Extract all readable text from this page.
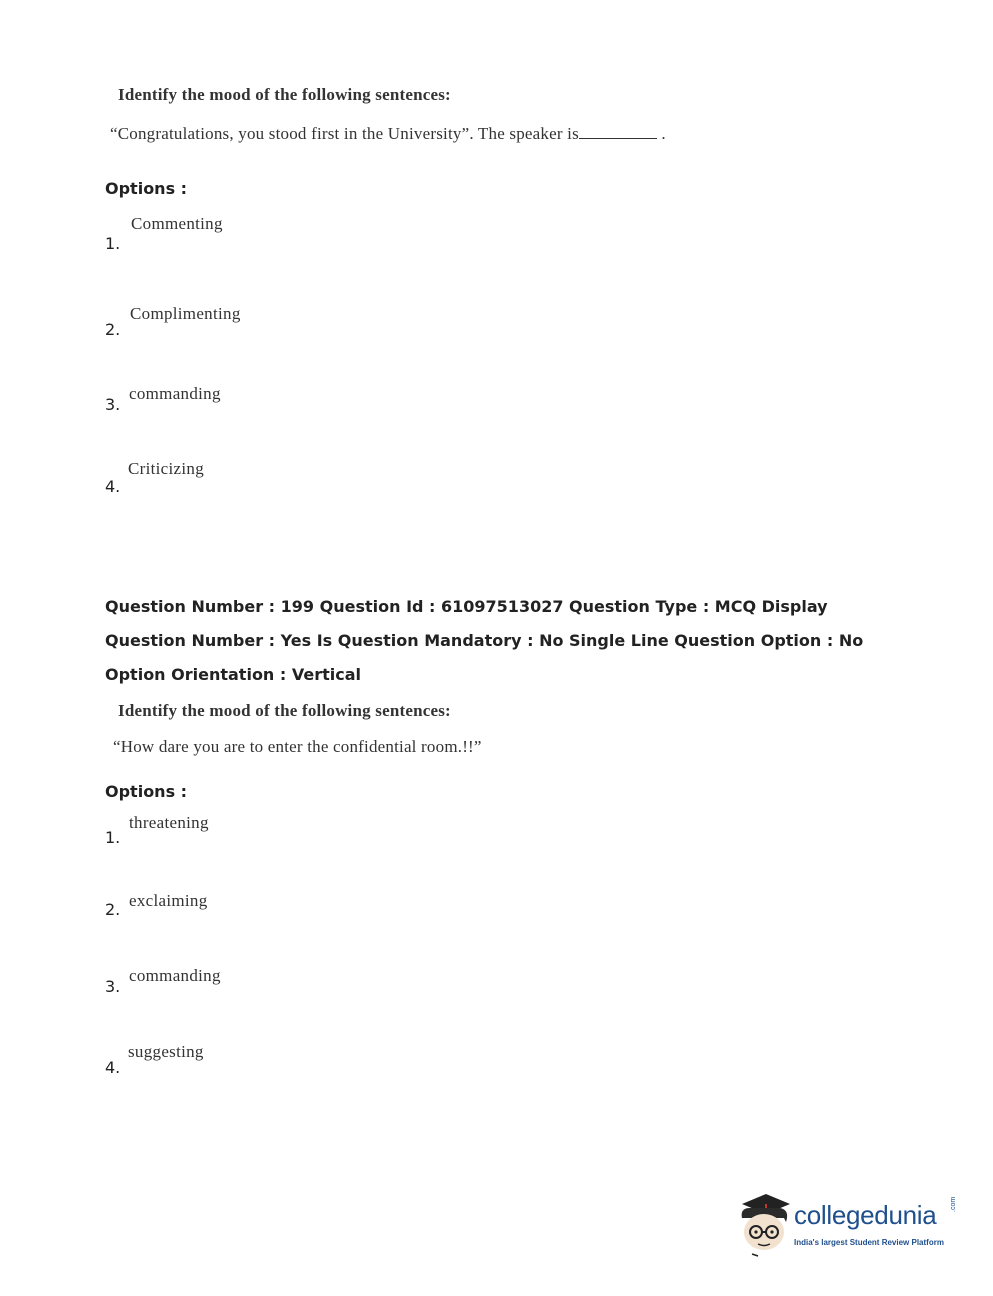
Identify the mood of the following sentences:
“Congratulations, you stood first in the University”. The speaker is	.
Options :
Commenting
1.
Complimenting
2.
commanding
3.
Criticizing
4.
Question Number : 199 Question Id : 61097513027 Question Type : MCQ Display Question Number : Yes Is Question Mandatory : No Single Line Question Option : No Option Orientation : Vertical
Identify the mood of the following sentences:
“How dare you are to enter the confidential room.!!”
Options :
threatening
1.
exclaiming
2.
commanding
3.
suggesting
4.
collegedunia .com
India's largest Student Review Platform
